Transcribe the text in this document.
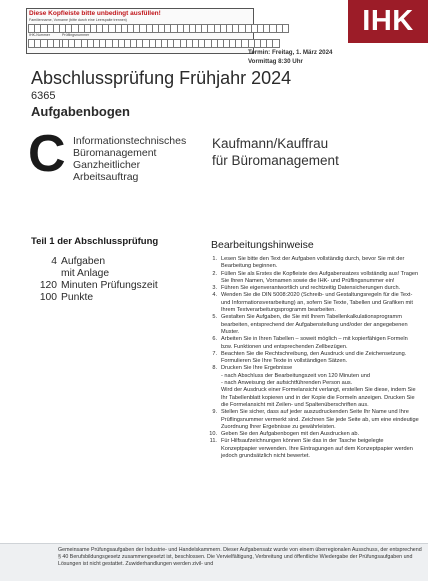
Diese Kopfleiste bitte unbedingt ausfüllen!
Familienname, Vorname (bitte durch eine Leerspalte trennen)
IHK-Nummer	Prüflingsnummer	IHK
Termin: Freitag, 1. März 2024
Vormittag 8:30 Uhr
Abschlussprüfung Frühjahr 2024
6365
Aufgabenbogen
C Informationstechnisches
Büromanagement
Ganzheitlicher
Arbeitsauftrag
Kaufmann/Kauffrau
für Büromanagement
Teil 1 der Abschlussprüfung
4 Aufgaben
mit Anlage
120 Minuten Prüfungszeit
100 Punkte
Bearbeitungshinweise
1. Lesen Sie bitte den Text der Aufgaben vollständig durch, bevor Sie mit der Bearbeitung beginnen.
2. Füllen Sie als Erstes die Kopfleiste des Aufgabensatzes vollständig aus! Tragen Sie Ihren Namen, Vornamen sowie die IHK- und Prüflingsnummer ein!
3. Führen Sie eigenverantwortlich und rechtzeitig Datensicherungen durch.
4. Wenden Sie die DIN 5008:2020 (Schreib- und Gestaltungsregeln für die Text- und Informationsverarbeitung) an, sofern Sie Texte, Tabellen und Grafiken mit Ihrem Textverarbeitungsprogramm bearbeiten.
5. Gestalten Sie Aufgaben, die Sie mit Ihrem Tabellenkalkulationsprogramm bearbeiten, entsprechend der Aufgabenstellung und/oder der angegebenen Muster.
6. Arbeiten Sie in Ihren Tabellen – soweit möglich – mit kopierfähigen Formeln bzw. Funktionen und entsprechenden Zellbezügen.
7. Beachten Sie die Rechtschreibung, den Ausdruck und die Zeichensetzung. Formulieren Sie Ihre Texte in vollständigen Sätzen.
8. Drucken Sie Ihre Ergebnisse
- nach Abschluss der Bearbeitungszeit von 120 Minuten und
- nach Anweisung der aufsichtführenden Person aus.
Wird der Ausdruck einer Formelansicht verlangt, erstellen Sie diese, indem Sie Ihr Tabellenblatt kopieren und in der Kopie die Formeln anzeigen. Drucken Sie die Formelansicht mit Zeilen- und Spaltenüberschriften aus.
9. Stellen Sie sicher, dass auf jeder auszudruckenden Seite Ihr Name und Ihre Prüflingsnummer vermerkt sind. Zeichnen Sie jede Seite ab, um eine eindeutige Zuordnung Ihrer Ergebnisse zu gewährleisten.
10. Geben Sie den Aufgabenbogen mit den Ausdrucken ab.
11. Für Hilfsaufzeichnungen können Sie das in der Tasche beigelegte Konzeptpapier verwenden. Ihre Eintragungen auf dem Konzeptpapier werden jedoch grundsätzlich nicht bewertet.
Gemeinsame Prüfungsaufgaben der Industrie- und Handelskammern. Dieser Aufgabensatz wurde von einem überregionalen Ausschuss, der entsprechend § 40 Berufsbildungsgesetz zusammengesetzt ist, beschlossen. Die Vervielfältigung, Verbreitung und öffentliche Wiedergabe der Prüfungsaufgaben und Lösungen ist nicht gestattet. Zuwiderhandlungen werden zivil- und
